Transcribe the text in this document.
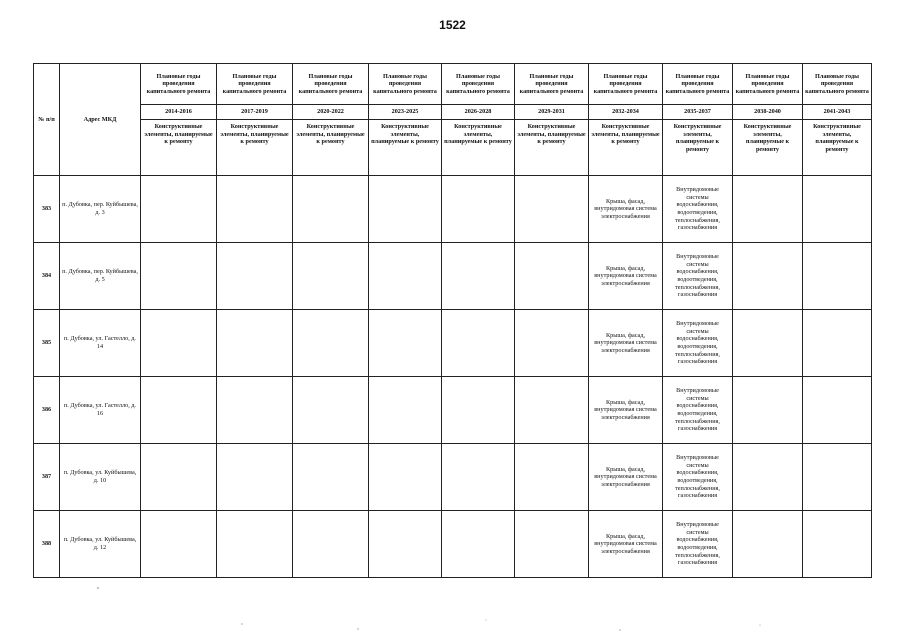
1522
№ п/п	Адрес МКД	Плановые годы проведения капитального ремонта	Плановые годы проведения капитального ремонта	Плановые годы проведения капитального ремонта	Плановые годы проведения капитального ремонта	Плановые годы проведения капитального ремонта	Плановые годы проведения капитального ремонта	Плановые годы проведения капитального ремонта	Плановые годы проведения капитального ремонта	Плановые годы проведения капитального ремонта	Плановые годы проведения капитального ремонта
		2014-2016	2017-2019	2020-2022	2023-2025	2026-2028	2029-2031	2032-2034	2035-2037	2038-2040	2041-2043
		Конструктивные элементы, планируемые к ремонту	Конструктивные элементы, планируемые к ремонту	Конструктивные элементы, планируемые к ремонту	Конструктивные элементы, планируемые к ремонту	Конструктивные элементы, планируемые к ремонту	Конструктивные элементы, планируемые к ремонту	Конструктивные элементы, планируемые к ремонту	Конструктивные элементы, планируемые к ремонту	Конструктивные элементы, планируемые к ремонту	Конструктивные элементы, планируемые к ремонту
383	п. Дубовка, пер. Куйбышева, д. 3							Крыша, фасад, внутридомовая система электроснабжения	Внутридомовые системы водоснабжения, водоотведения, теплоснабжения, газоснабжения		
384	п. Дубовка, пер. Куйбышева, д. 5							Крыша, фасад, внутридомовая система электроснабжения	Внутридомовые системы водоснабжения, водоотведения, теплоснабжения, газоснабжения		
385	п. Дубовка, ул. Гастелло, д. 14							Крыша, фасад, внутридомовая система электроснабжения	Внутридомовые системы водоснабжения, водоотведения, теплоснабжения, газоснабжения		
386	п. Дубовка, ул. Гастелло, д. 16							Крыша, фасад, внутридомовая система электроснабжения	Внутридомовые системы водоснабжения, водоотведения, теплоснабжения, газоснабжения		
387	п. Дубовка, ул. Куйбышева, д. 10							Крыша, фасад, внутридомовая система электроснабжения	Внутридомовые системы водоснабжения, водоотведения, теплоснабжения, газоснабжения		
388	п. Дубовка, ул. Куйбышева, д. 12							Крыша, фасад, внутридомовая система электроснабжения	Внутридомовые системы водоснабжения, водоотведения, теплоснабжения, газоснабжения		
